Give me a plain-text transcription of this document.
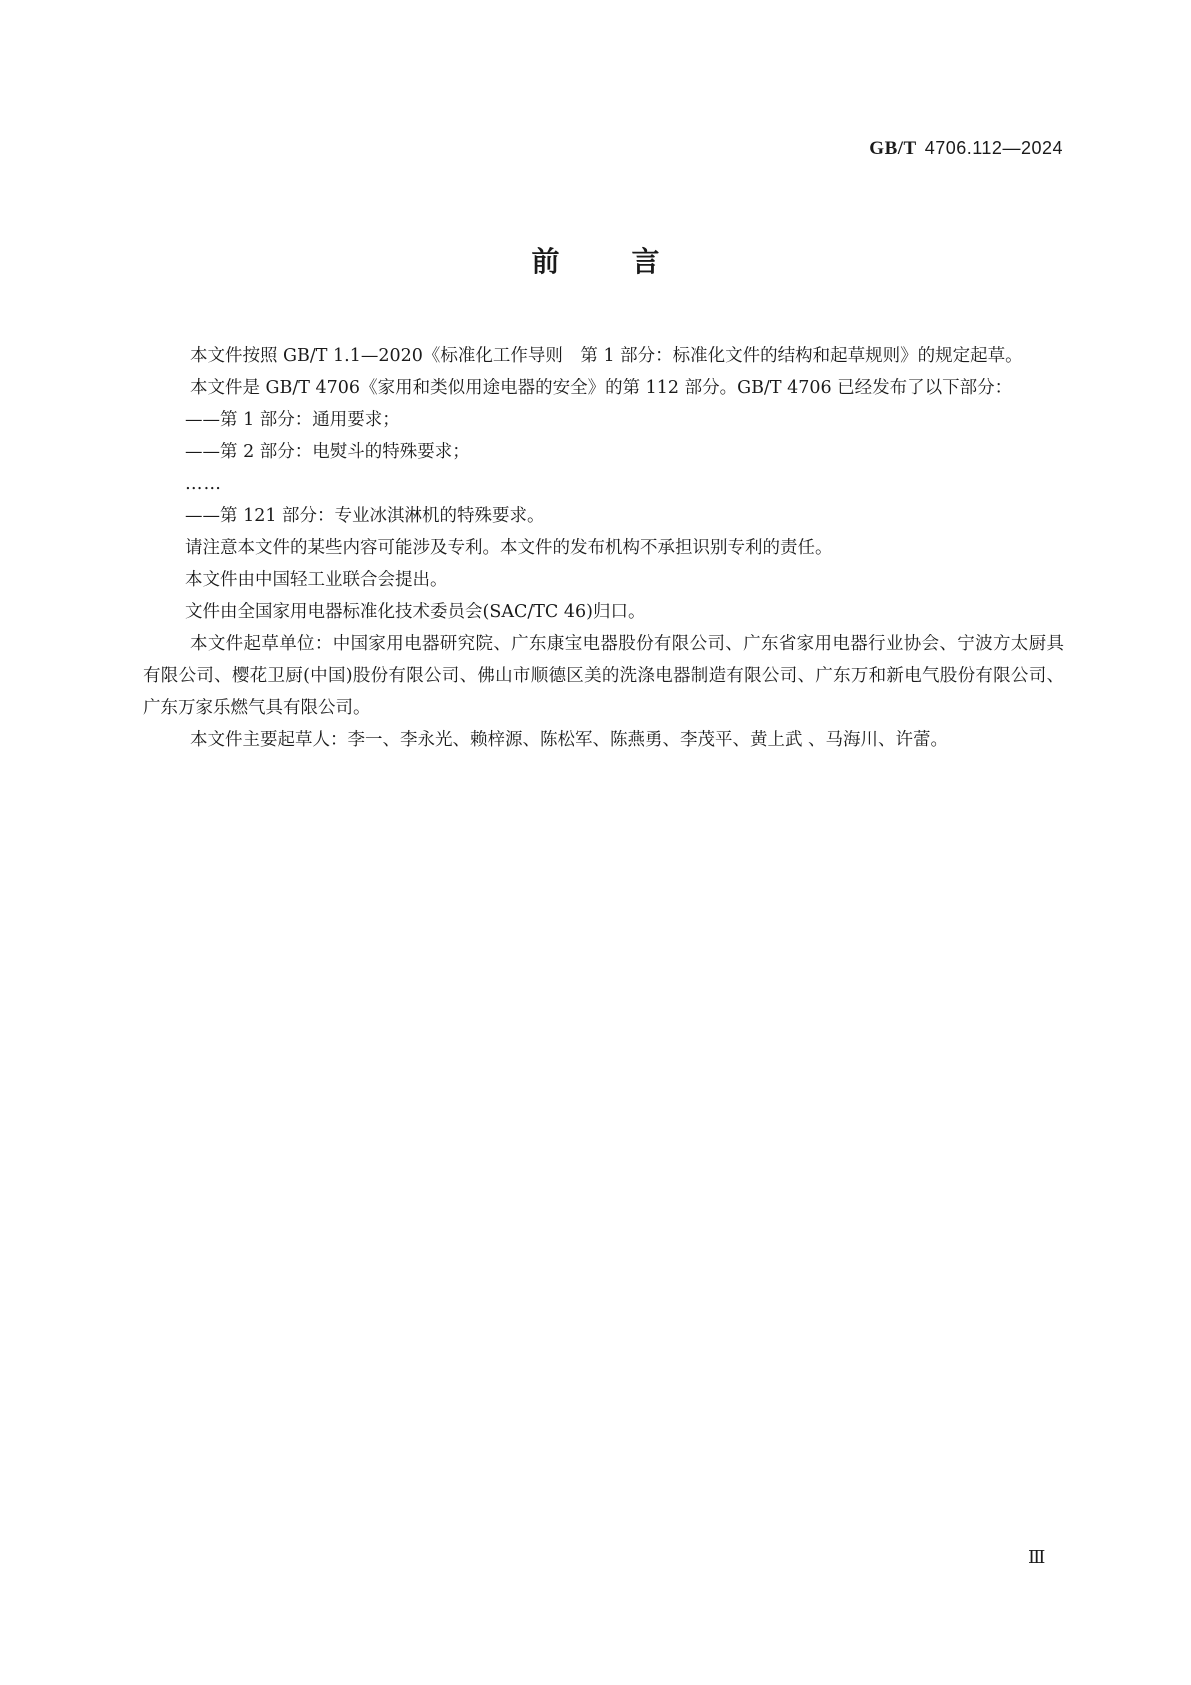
GB/T 4706.112—2024
前	言

本文件按照 GB/T 1.1—2020《标准化工作导则　第 1 部分：标准化文件的结构和起草规则》的规定起草。

本文件是 GB/T 4706《家用和类似用途电器的安全》的第 112 部分。GB/T 4706 已经发布了以下部分：

——第 1 部分：通用要求；

——第 2 部分：电熨斗的特殊要求；

……

——第 121 部分：专业冰淇淋机的特殊要求。

请注意本文件的某些内容可能涉及专利。本文件的发布机构不承担识别专利的责任。

本文件由中国轻工业联合会提出。

文件由全国家用电器标准化技术委员会(SAC/TC 46)归口。

本文件起草单位：中国家用电器研究院、广东康宝电器股份有限公司、广东省家用电器行业协会、宁波方太厨具有限公司、樱花卫厨(中国)股份有限公司、佛山市顺德区美的洗涤电器制造有限公司、广东万和新电气股份有限公司、广东万家乐燃气具有限公司。

本文件主要起草人：李一、李永光、赖梓源、陈松军、陈燕勇、李茂平、黄上武 、马海川、许蕾。

Ⅲ
